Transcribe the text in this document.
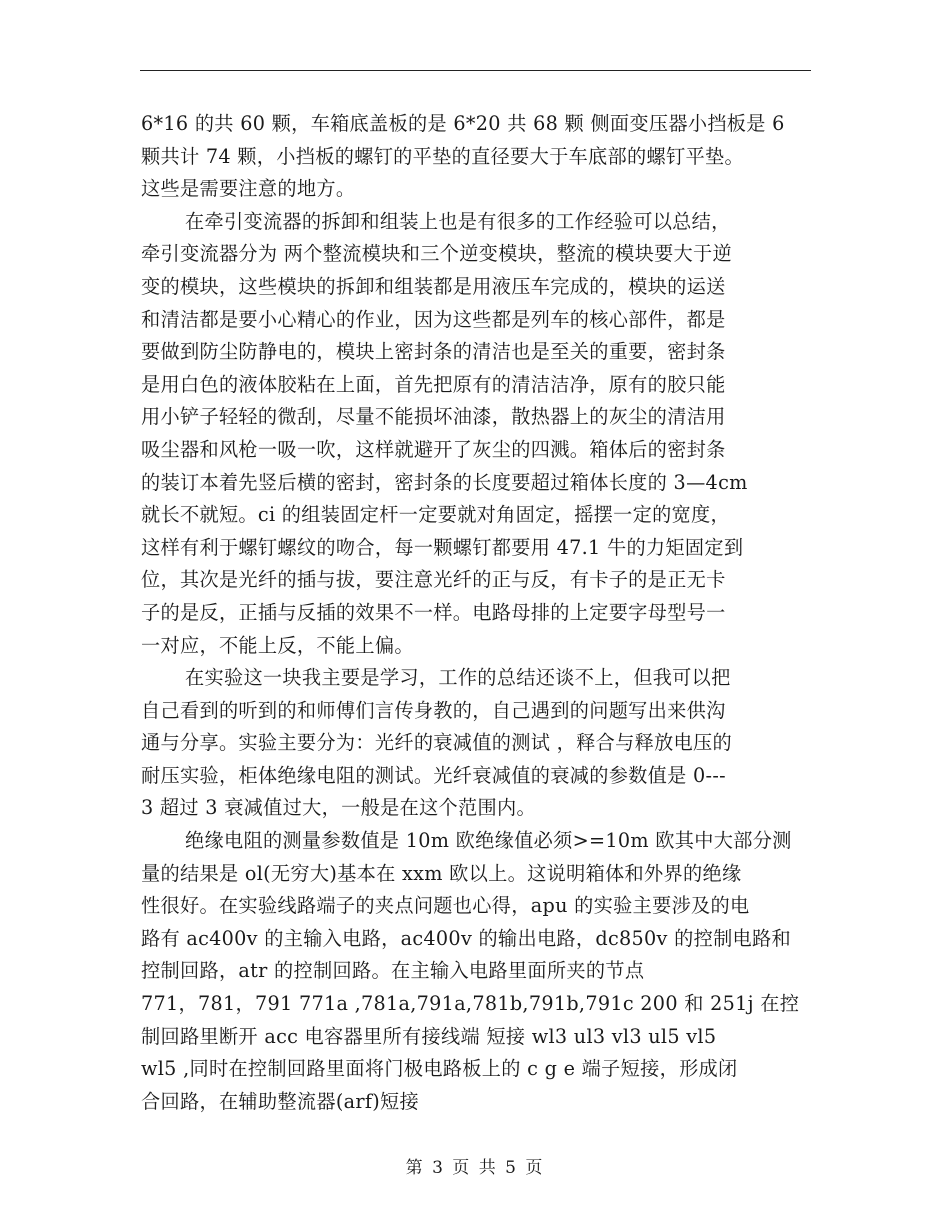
6*16 的共 60 颗，车箱底盖板的是 6*20 共 68 颗 侧面变压器小挡板是 6
颗共计 74 颗，小挡板的螺钉的平垫的直径要大于车底部的螺钉平垫。
这些是需要注意的地方。
在牵引变流器的拆卸和组装上也是有很多的工作经验可以总结，
牵引变流器分为 两个整流模块和三个逆变模块，整流的模块要大于逆
变的模块，这些模块的拆卸和组装都是用液压车完成的，模块的运送
和清洁都是要小心精心的作业，因为这些都是列车的核心部件，都是
要做到防尘防静电的，模块上密封条的清洁也是至关的重要，密封条
是用白色的液体胶粘在上面，首先把原有的清洁洁净，原有的胶只能
用小铲子轻轻的微刮，尽量不能损坏油漆，散热器上的灰尘的清洁用
吸尘器和风枪一吸一吹，这样就避开了灰尘的四溅。箱体后的密封条
的装订本着先竖后横的密封，密封条的长度要超过箱体长度的 3—4cm
就长不就短。ci 的组装固定杆一定要就对角固定，摇摆一定的宽度，
这样有利于螺钉螺纹的吻合，每一颗螺钉都要用 47.1 牛的力矩固定到
位，其次是光纤的插与拔，要注意光纤的正与反，有卡子的是正无卡
子的是反，正插与反插的效果不一样。电路母排的上定要字母型号一
一对应，不能上反，不能上偏。
在实验这一块我主要是学习，工作的总结还谈不上，但我可以把
自己看到的听到的和师傅们言传身教的，自己遇到的问题写出来供沟
通与分享。实验主要分为：光纤的衰减值的测试 ，释合与释放电压的
耐压实验，柜体绝缘电阻的测试。光纤衰减值的衰减的参数值是 0---
3 超过 3 衰减值过大，一般是在这个范围内。
绝缘电阻的测量参数值是 10m 欧绝缘值必须>=10m 欧其中大部分测
量的结果是 ol(无穷大)基本在 xxm 欧以上。这说明箱体和外界的绝缘
性很好。在实验线路端子的夹点问题也心得，apu 的实验主要涉及的电
路有 ac400v 的主输入电路，ac400v 的输出电路，dc850v 的控制电路和
控制回路，atr 的控制回路。在主输入电路里面所夹的节点
771，781，791 771a ,781a,791a,781b,791b,791c 200 和 251j 在控
制回路里断开 acc 电容器里所有接线端 短接 wl3 ul3 vl3 ul5 vl5
wl5 ,同时在控制回路里面将门极电路板上的 c g e 端子短接，形成闭
合回路，在辅助整流器(arf)短接
第 3 页 共 5 页
